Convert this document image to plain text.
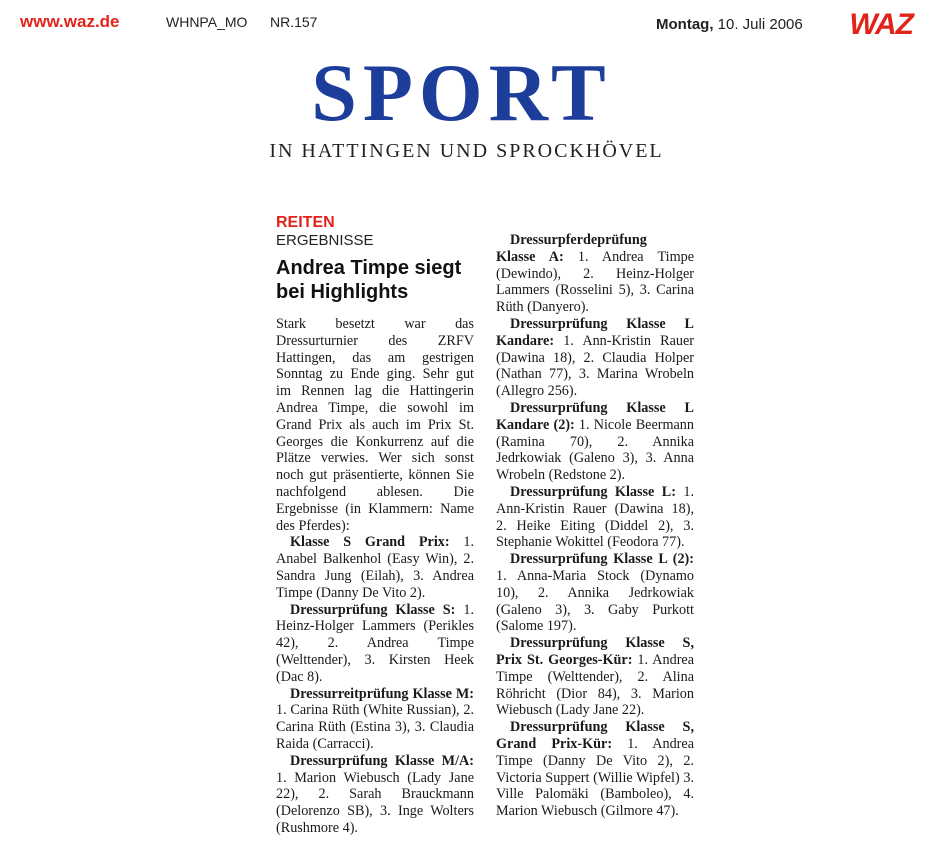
www.waz.de	WHNPA_MO NR.157	Montag, 10. Juli 2006 WAZ
SPORT
IN HATTINGEN UND SPROCKHÖVEL
REITEN
ERGEBNISSE
Andrea Timpe siegt bei Highlights

Stark besetzt war das Dressurturnier des ZRFV Hattingen, das am gestrigen Sonntag zu Ende ging. Sehr gut im Rennen lag die Hattingerin Andrea Timpe, die sowohl im Grand Prix als auch im Prix St. Georges die Konkurrenz auf die Plätze verwies. Wer sich sonst noch gut präsentierte, können Sie nachfolgend ablesen. Die Ergebnisse (in Klammern: Name des Pferdes):

Klasse S Grand Prix: 1. Anabel Balkenhol (Easy Win), 2. Sandra Jung (Eilah), 3. Andrea Timpe (Danny De Vito 2).

Dressurprüfung Klasse S: 1. Heinz-Holger Lammers (Perikles 42), 2. Andrea Timpe (Welttender), 3. Kirsten Heek (Dac 8).

Dressurreitprüfung Klasse M: 1. Carina Rüth (White Russian), 2. Carina Rüth (Estina 3), 3. Claudia Raida (Carracci).

Dressurprüfung Klasse M/A: 1. Marion Wiebusch (Lady Jane 22), 2. Sarah Brauckmann (Delorenzo SB), 3. Inge Wolters (Rushmore 4).

Dressurpferdeprüfung

Klasse A: 1. Andrea Timpe (Dewindo), 2. Heinz-Holger Lammers (Rosselini 5), 3. Carina Rüth (Danyero).

Dressurprüfung Klasse L Kandare: 1. Ann-Kristin Rauer (Dawina 18), 2. Claudia Holper (Nathan 77), 3. Marina Wrobeln (Allegro 256).

Dressurprüfung Klasse L Kandare (2): 1. Nicole Beermann (Ramina 70), 2. Annika Jedrkowiak (Galeno 3), 3. Anna Wrobeln (Redstone 2).

Dressurprüfung Klasse L: 1. Ann-Kristin Rauer (Dawina 18), 2. Heike Eiting (Diddel 2), 3. Stephanie Wokittel (Feodora 77).

Dressurprüfung Klasse L (2): 1. Anna-Maria Stock (Dynamo 10), 2. Annika Jedrkowiak (Galeno 3), 3. Gaby Purkott (Salome 197).

Dressurprüfung Klasse S, Prix St. Georges-Kür: 1. Andrea Timpe (Welttender), 2. Alina Röhricht (Dior 84), 3. Marion Wiebusch (Lady Jane 22).

Dressurprüfung Klasse S, Grand Prix-Kür: 1. Andrea Timpe (Danny De Vito 2), 2. Victoria Suppert (Willie Wipfel) 3. Ville Palomäki (Bamboleo), 4. Marion Wiebusch (Gilmore 47).
